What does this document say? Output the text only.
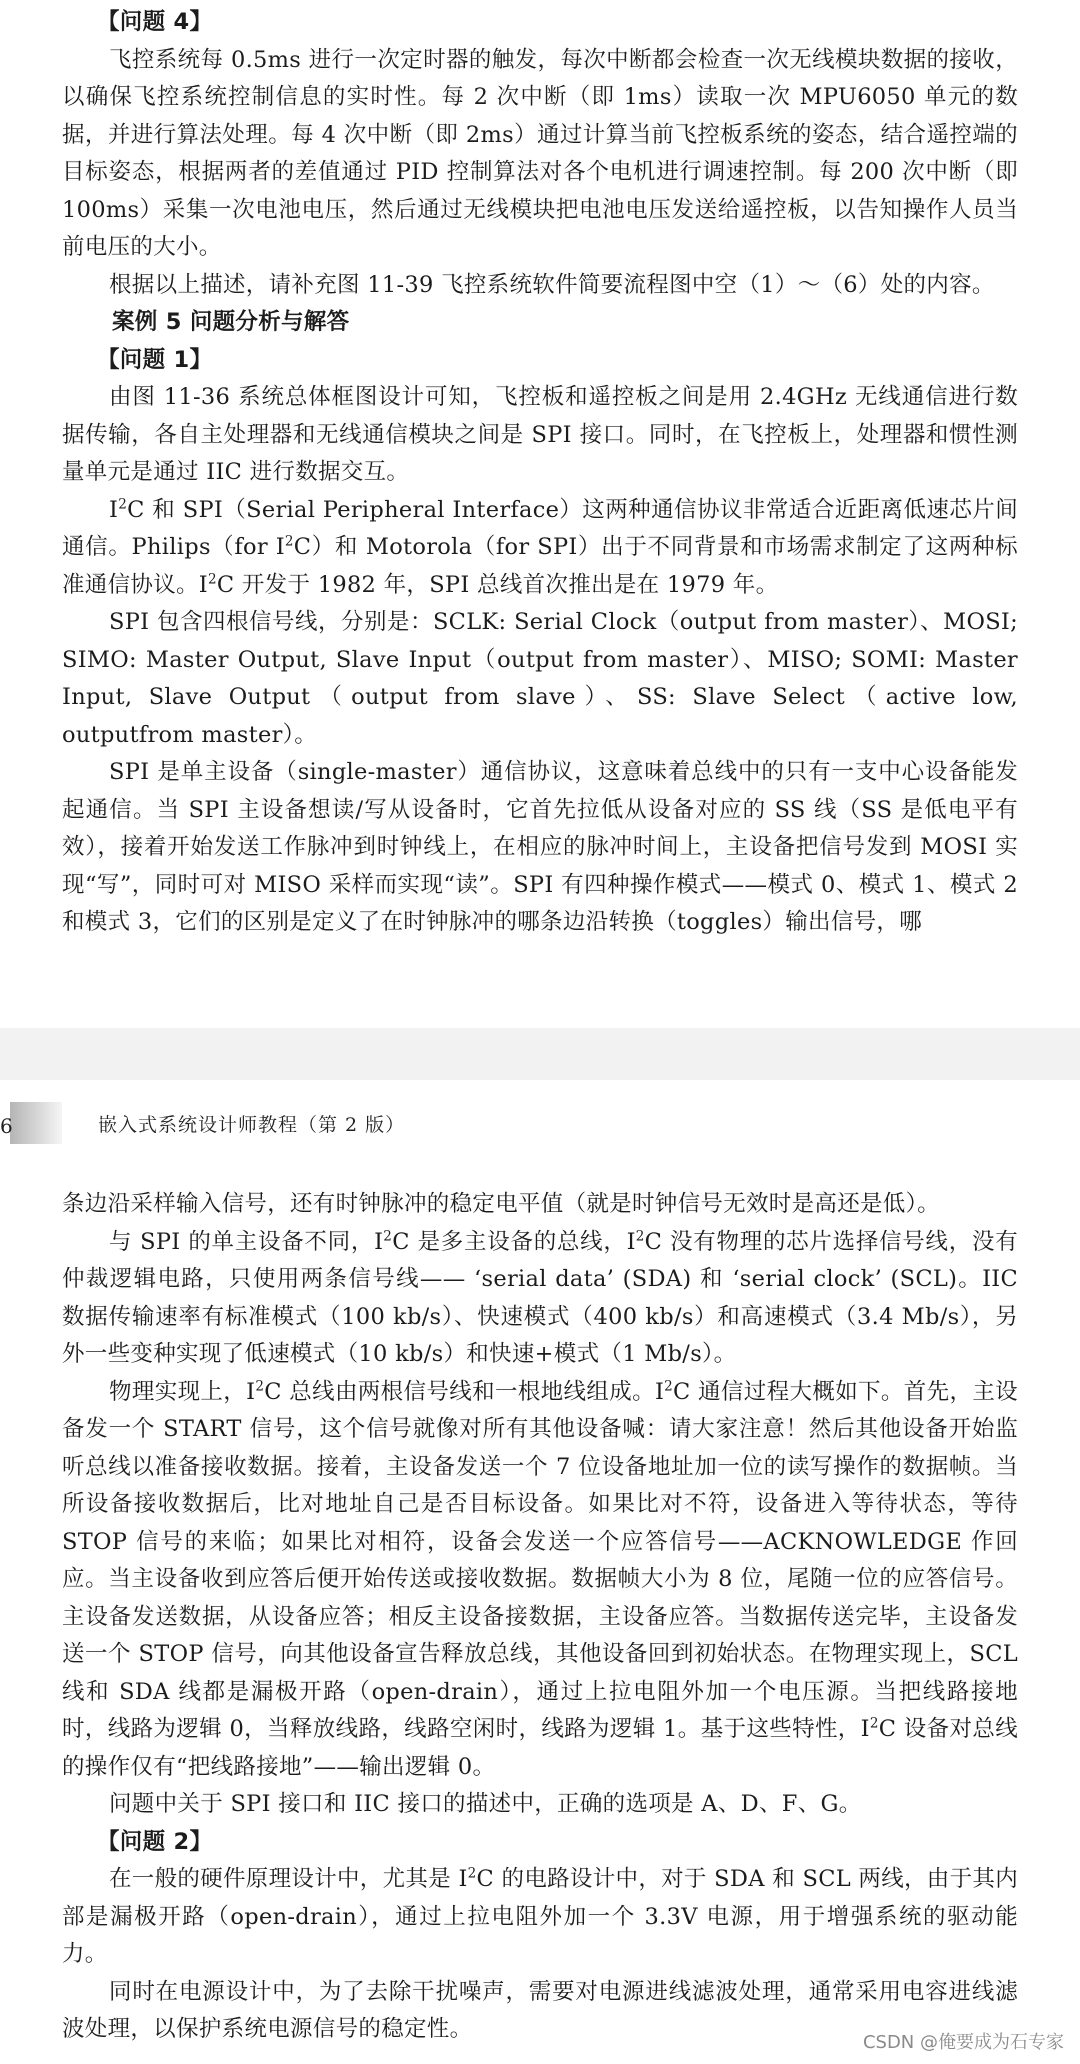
【问题 4】

飞控系统每 0.5ms 进行一次定时器的触发，每次中断都会检查一次无线模块数据的接收，以确保飞控系统控制信息的实时性。每 2 次中断（即 1ms）读取一次 MPU6050 单元的数据，并进行算法处理。每 4 次中断（即 2ms）通过计算当前飞控板系统的姿态，结合遥控端的目标姿态，根据两者的差值通过 PID 控制算法对各个电机进行调速控制。每 200 次中断（即 100ms）采集一次电池电压，然后通过无线模块把电池电压发送给遥控板，以告知操作人员当前电压的大小。

根据以上描述，请补充图 11-39 飞控系统软件简要流程图中空（1）～（6）处的内容。

案例 5 问题分析与解答

【问题 1】

由图 11-36 系统总体框图设计可知，飞控板和遥控板之间是用 2.4GHz 无线通信进行数据传输，各自主处理器和无线通信模块之间是 SPI 接口。同时，在飞控板上，处理器和惯性测量单元是通过 IIC 进行数据交互。

$I^2C$ 和 SPI（Serial Peripheral Interface）这两种通信协议非常适合近距离低速芯片间通信。Philips（for $I^2C$）和 Motorola（for SPI）出于不同背景和市场需求制定了这两种标准通信协议。$I^2C$ 开发于 1982 年，SPI 总线首次推出是在 1979 年。

SPI 包含四根信号线，分别是：SCLK: Serial Clock（output from master）、MOSI; SIMO: Master Output, Slave Input（output from master）、MISO; SOMI: Master Input, Slave Output（output from slave）、SS: Slave Select（active low, outputfrom master）。

SPI 是单主设备（single-master）通信协议，这意味着总线中的只有一支中心设备能发起通信。当 SPI 主设备想读/写从设备时，它首先拉低从设备对应的 SS 线（SS 是低电平有效），接着开始发送工作脉冲到时钟线上，在相应的脉冲时间上，主设备把信号发到 MOSI 实现“写”，同时可对 MISO 采样而实现“读”。SPI 有四种操作模式——模式 0、模式 1、模式 2 和模式 3，它们的区别是定义了在时钟脉冲的哪条边沿转换（toggles）输出信号，哪

6	嵌入式系统设计师教程（第 2 版）

条边沿采样输入信号，还有时钟脉冲的稳定电平值（就是时钟信号无效时是高还是低）。

与 SPI 的单主设备不同，$I^2C$ 是多主设备的总线，$I^2C$ 没有物理的芯片选择信号线，没有仲裁逻辑电路，只使用两条信号线—— ‘serial data’ (SDA) 和 ‘serial clock’ (SCL)。IIC 数据传输速率有标准模式（100 kb/s）、快速模式（400 kb/s）和高速模式（3.4 Mb/s），另外一些变种实现了低速模式（10 kb/s）和快速+模式（1 Mb/s）。

物理实现上，$I^2C$ 总线由两根信号线和一根地线组成。$I^2C$ 通信过程大概如下。首先，主设备发一个 START 信号，这个信号就像对所有其他设备喊：请大家注意！然后其他设备开始监听总线以准备接收数据。接着，主设备发送一个 7 位设备地址加一位的读写操作的数据帧。当所设备接收数据后，比对地址自己是否目标设备。如果比对不符，设备进入等待状态，等待 STOP 信号的来临；如果比对相符，设备会发送一个应答信号——ACKNOWLEDGE 作回应。当主设备收到应答后便开始传送或接收数据。数据帧大小为 8 位，尾随一位的应答信号。主设备发送数据，从设备应答；相反主设备接数据，主设备应答。当数据传送完毕，主设备发送一个 STOP 信号，向其他设备宣告释放总线，其他设备回到初始状态。在物理实现上，SCL 线和 SDA 线都是漏极开路（open-drain），通过上拉电阻外加一个电压源。当把线路接地时，线路为逻辑 0，当释放线路，线路空闲时，线路为逻辑 1。基于这些特性，$I^2C$ 设备对总线的操作仅有“把线路接地”——输出逻辑 0。

问题中关于 SPI 接口和 IIC 接口的描述中，正确的选项是 A、D、F、G。

【问题 2】

在一般的硬件原理设计中，尤其是 $I^2C$ 的电路设计中，对于 SDA 和 SCL 两线，由于其内部是漏极开路（open-drain），通过上拉电阻外加一个 3.3V 电源，用于增强系统的驱动能力。

同时在电源设计中，为了去除干扰噪声，需要对电源进线滤波处理，通常采用电容进线滤波处理，以保护系统电源信号的稳定性。

CSDN @俺要成为石专家
